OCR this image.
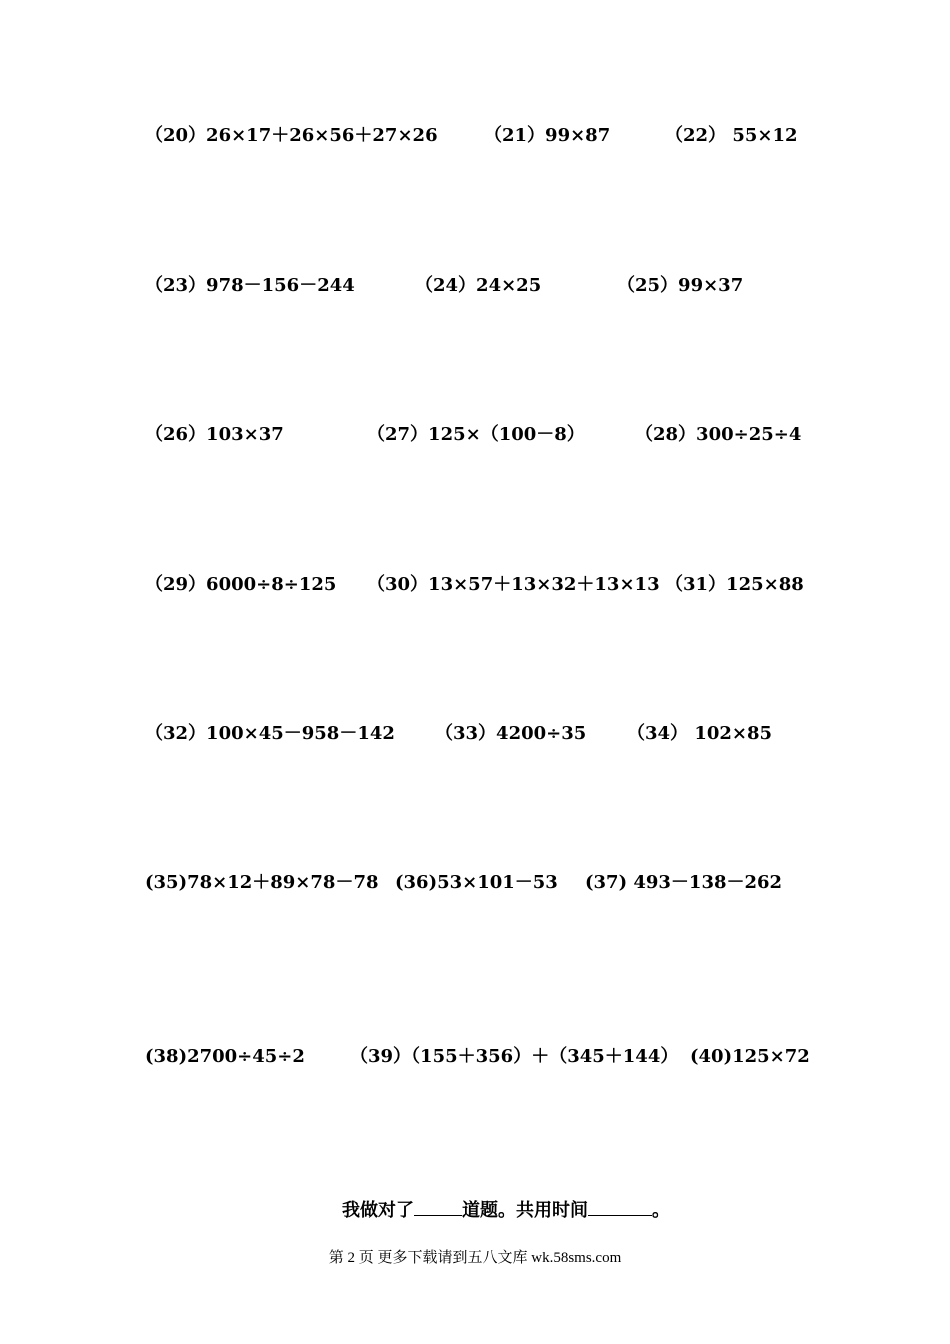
（20）26×17＋26×56＋27×26	（21）99×87	（22） 55×12
（23）978－156－244	（24）24×25	（25）99×37
（26）103×37	（27）125×（100－8）	（28）300÷25÷4
（29）6000÷8÷125 （30）13×57＋13×32＋13×13 （31）125×88
（32）100×45－958－142 （33）4200÷35 （34） 102×85
(35)78×12＋89×78－78 (36)53×101－53 (37) 493－138－262
(38)2700÷45÷2	（39）（155＋356）＋（345＋144） (40)125×72
我做对了	道题。共用时间	。
第 2 页 更多下载请到五八文库 wk.58sms.com
